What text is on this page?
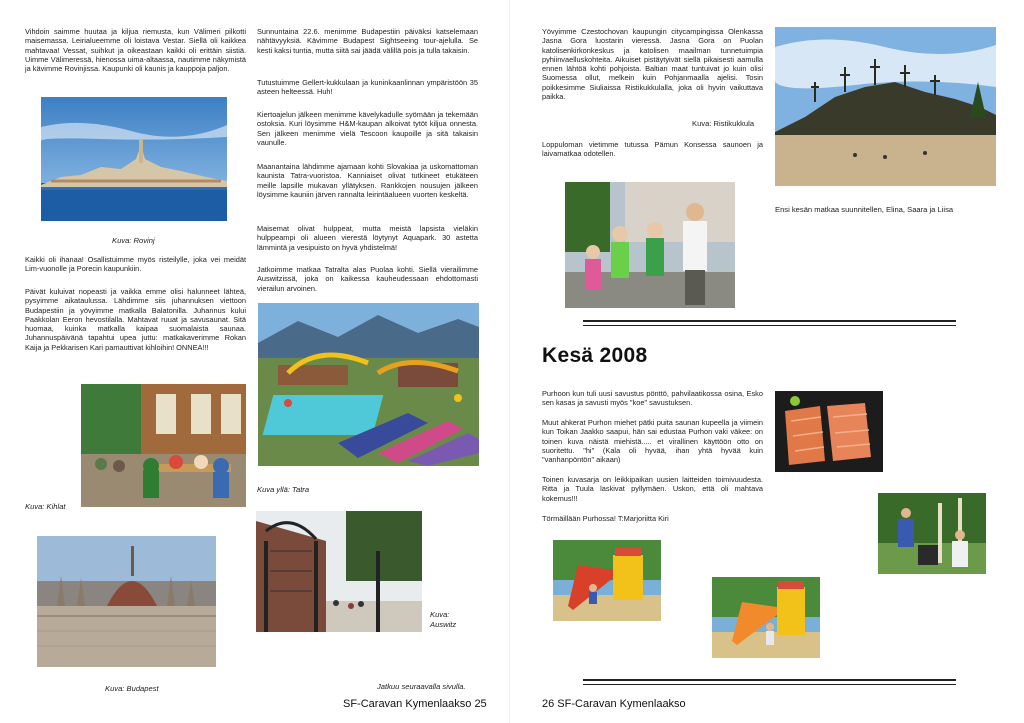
Vihdoin saimme huutaa ja kiljua riemusta, kun Välimeri pilkotti maisemassa. Leirialueemme oli loistava Vestar. Siellä oli kaikkea mahtavaa! Vessat, suihkut ja oikeastaan kaikki oli erittäin siistiä. Uimme Välimeressä, hienossa uima-altaassa, nautimme näkymistä ja kävimme Rovinjissa. Kaupunki oli kaunis ja kauppoja paljon.

Kuva: Rovinj

Kaikki oli ihanaa! Osallistuimme myös risteilylle, joka vei meidät Lim-vuonolle ja Porecin kaupunkiin.

Päivät kuluivat nopeasti ja vaikka emme olisi halunneet lähteä, pysyimme aikataulussa. Lähdimme siis juhannuksen viettoon Budapestiin ja yövyimme matkalla Balatonilla. Juhannus kului Paakkolan Eeron hevostilalla. Mahtavat ruuat ja savusaunat. Sitä huomaa, kuinka matkalla kaipaa suomalaista saunaa. Juhannuspäivänä tapahtui upea juttu: matkakaverimme Rokan Kaija ja Pekkarisen Kari pamauttivat kihloihin! ONNEA!!!

Kuva: Kihlat

Kuva: Budapest

Sunnuntaina 22.6. menimme Budapestiin päiväksi katselemaan nähtävyyksiä. Kävimme Budapest Sightseeing tour-ajelulla. Se kesti kaksi tuntia, mutta siitä sai jäädä välillä pois ja tulla takaisin.

Tutustuimme Gellert-kukkulaan ja kuninkaanlinnan ympäristöön 35 asteen helteessä. Huh!

Kiertoajelun jälkeen menimme kävelykadulle syömään ja tekemään ostoksia. Kuri löysimme H&M-kaupan alkoivat tytöt kiljua onnesta. Sen jälkeen menimme vielä Tescoon kaupoille ja sitä takaisin vaunulle.

Maanantaina lähdimme ajamaan kohti Slovakiaa ja uskomattoman kaunista Tatra-vuoristoa. Kanniaiset olivat tutkineet etukäteen meille lapsille mukavan yllätyksen. Rankkojen nousujen jälkeen löysimme kauniin järven rannalta leirintäalueen vuorten keskeltä.

Maisemat olivat hulppeat, mutta meistä lapsista vieläkin hulppeampi oli alueen vierestä löytynyt Aquapark. 30 astetta lämmintä ja vesipuisto on hyvä yhdistelmä!

Jatkoimme matkaa Tatralta alas Puolaa kohti. Siellä vierailimme Auswitzissä, joka on kaikessa kauheudessaan ehdottomasti vierailun arvoinen.

Kuva yllä: Tatra

Kuva: Auswitz

Jatkuu seuraavalla sivulla.

SF-Caravan Kymenlaakso 25

Yövyimme Czestochovan kaupungin citycampingissa Olenkassa Jasna Gora luostarin vieressä. Jasna Gora on Puolan katolisenkirkonkeskus ja katolisen maailman tunnetuimpia pyhiinvaelluskohteita. Aikuiset pistäytyivät siellä pikaisesti aamulla ennen lähtöä kohti pohjoista. Baltian maat tuntuivat jo kuin olisi Suomessa ollut, melkein kuin Pohjanmaalla ajelisi. Tosin poikkesimme Siuliaissa Ristikukkulalla, joka oli hyvin vaikuttava paikka.

Kuva: Ristikukkula

Loppuloman vietimme tutussa Pämun Konsessa saunoen ja laivamatkaa odotellen.

Ensi kesän matkaa suunnitellen, Elina, Saara ja Liisa

Kesä 2008

Purhoon kun tuli uusi savustus pönttö, pahvilaatikossa osina, Esko sen kasas ja savusti myös "koe" savustuksen.

Muut ahkerat Purhon miehet pätki puita saunan kupeella ja viimein kun Toikan Jaakko saapui, hän sai edustaa Purhon vaki väkee: on toinen kuva näistä miehistä..... et virallinen käyttöön otto on suoritettu. "hi" (Kala oli hyvää, ihan yhtä hyvää kuin "vanhanpöntön" aikaan)

Toinen kuvasarja on leikkipaikan uusien laitteiden toimivuudesta. Ritta ja Tuula laskivat pyllymäen. Uskon, että oli mahtava kokemus!!!

Törmäillään Purhossa! T:Marjoriitta Kiri

26 SF-Caravan Kymenlaakso
